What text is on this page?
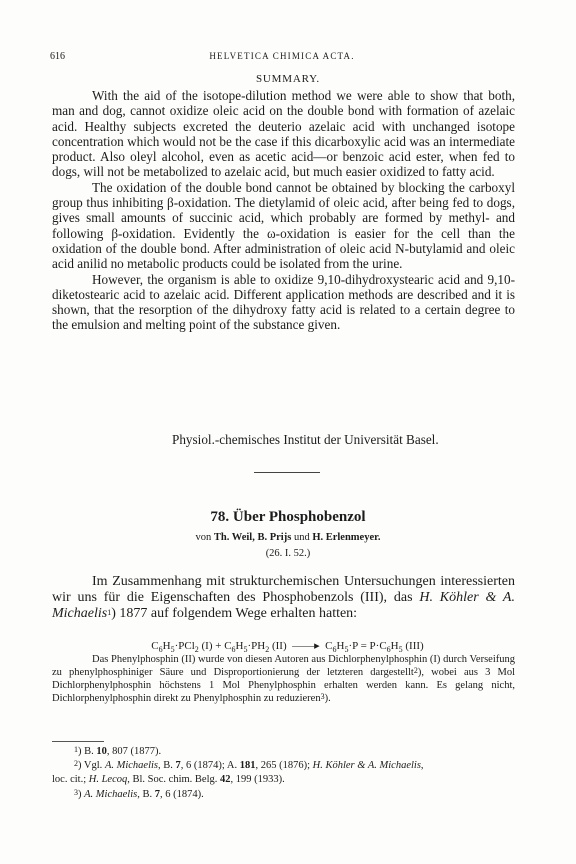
616	HELVETICA CHIMICA ACTA.
SUMMARY.

With the aid of the isotope-dilution method we were able to show that both, man and dog, cannot oxidize oleic acid on the double bond with formation of azelaic acid. Healthy subjects excreted the deuterio azelaic acid with unchanged isotope concentration which would not be the case if this dicarboxylic acid was an intermediate product. Also oleyl alcohol, even as acetic acid—or benzoic acid ester, when fed to dogs, will not be metabolized to azelaic acid, but much easier oxidized to fatty acid.

The oxidation of the double bond cannot be obtained by blocking the carboxyl group thus inhibiting β-oxidation. The dietylamid of oleic acid, after being fed to dogs, gives small amounts of succinic acid, which probably are formed by methyl- and following β-oxidation. Evidently the ω-oxidation is easier for the cell than the oxidation of the double bond. After administration of oleic acid N-butylamid and oleic acid anilid no metabolic products could be isolated from the urine.

However, the organism is able to oxidize 9,10-dihydroxystearic acid and 9,10-diketostearic acid to azelaic acid. Different application methods are described and it is shown, that the resorption of the dihydroxy fatty acid is related to a certain degree to the emulsion and melting point of the substance given.

Physiol.-chemisches Institut der Universität Basel.
78. Über Phosphobenzol
von Th. Weil, B. Prijs und H. Erlenmeyer.
(26. I. 52.)

Im Zusammenhang mit strukturchemischen Untersuchungen interessierten wir uns für die Eigenschaften des Phosphobenzols (III), das H. Köhler & A. Michaelis$^1$) 1877 auf folgendem Wege erhalten hatten:

$C_6H_5\cdot PCl_2$ $(I) + C_6H_5\cdot PH_2$ (II) ——▸ $C_6H_5\cdot P = P\cdot C_6H_5$ (III)

Das Phenylphosphin (II) wurde von diesen Autoren aus Dichlorphenylphosphin (I) durch Verseifung zu phenylphosphiniger Säure und Disproportionierung der letzteren dargestellt$^2$), wobei aus 3 Mol Dichlorphenylphosphin höchstens 1 Mol Phenylphosphin erhalten werden kann. Es gelang nicht, Dichlorphenylphosphin direkt zu Phenylphosphin zu reduzieren$^3$).

$^1$) B. 10, 807 (1877).
$^2$) Vgl. A. Michaelis, B. 7, 6 (1874); A. 181, 265 (1876); H. Köhler & A. Michaelis,
loc. cit.; H. Lecoq, Bl. Soc. chim. Belg. 42, 199 (1933).
$^3$) A. Michaelis, B. 7, 6 (1874).
